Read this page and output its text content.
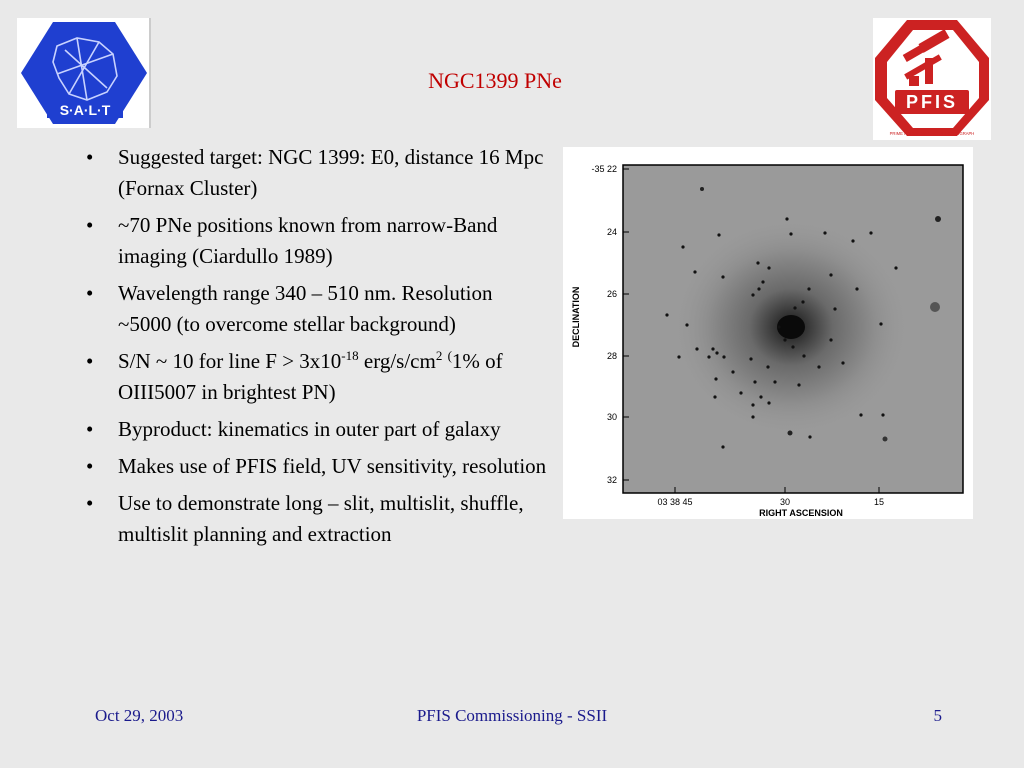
S·A·L·T	PFIS
PRIME FOCUS IMAGING SPECTROGRAPH
NGC1399 PNe
• Suggested target: NGC 1399: E0, distance 16 Mpc (Fornax Cluster)
• ~70 PNe positions known from narrow-Band imaging (Ciardullo 1989)
• Wavelength range 340 – 510 nm. Resolution ~5000 (to overcome stellar background)
• S/N ~ 10 for line $F > 3x10^{-18}$ erg/$s/cm^2$ (1% of OIII5007 in brightest PN)
• Byproduct: kinematics in outer part of galaxy
• Makes use of PFIS field, UV sensitivity, resolution
• Use to demonstrate long – slit, multislit, shuffle, multislit planning and extraction
-35 22
24
26
28
30
32
03 38 45	30	15
RIGHT ASCENSION
DECLINATION
Oct 29, 2003	PFIS Commissioning - SSII	5
